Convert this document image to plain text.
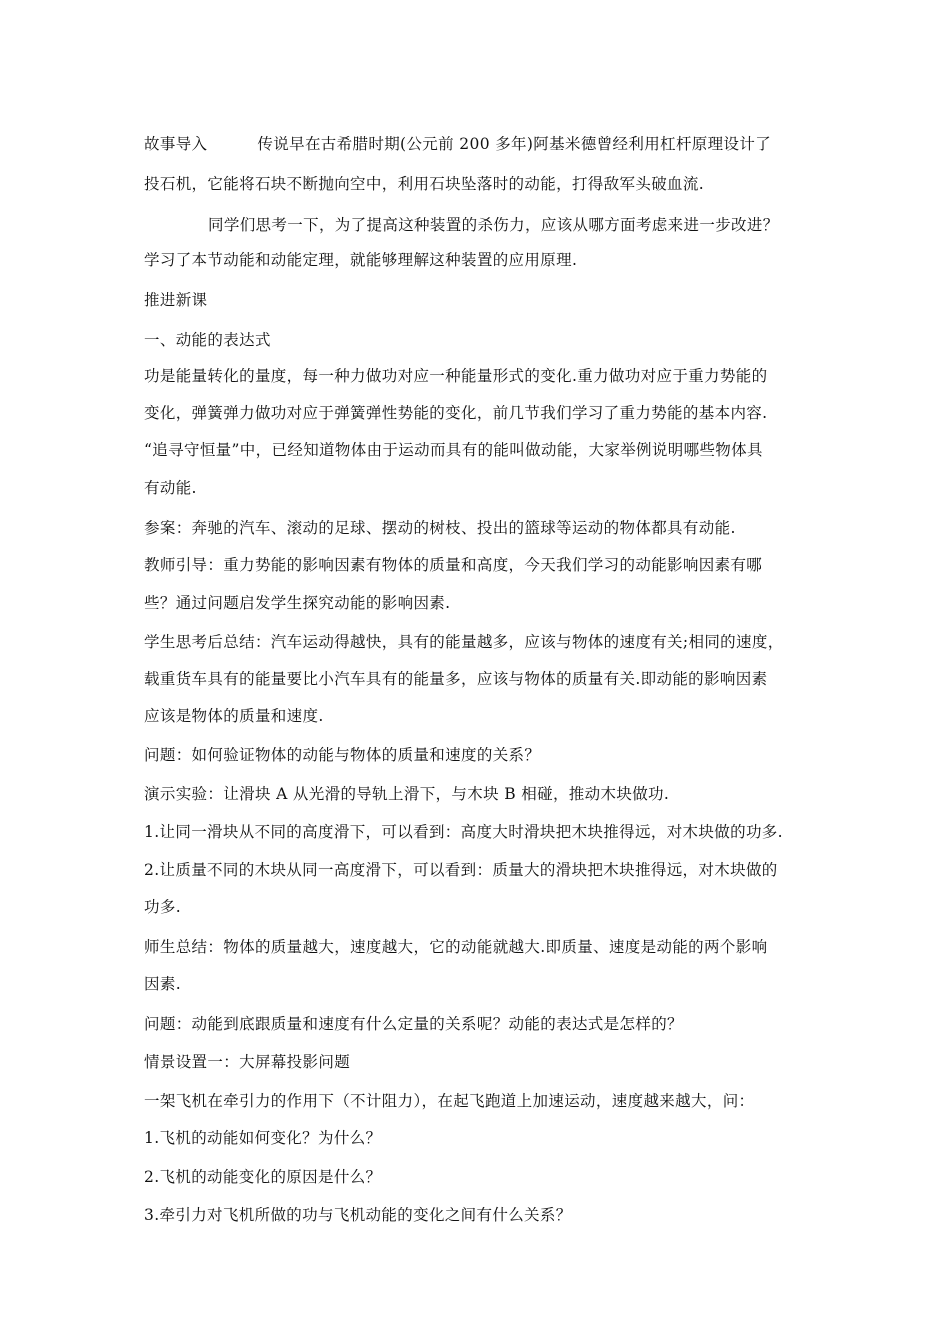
故事导入	传说早在古希腊时期(公元前 200 多年)阿基米德曾经利用杠杆原理设计了
投石机，它能将石块不断抛向空中，利用石块坠落时的动能，打得敌军头破血流.
同学们思考一下，为了提高这种装置的杀伤力，应该从哪方面考虑来进一步改进？
学习了本节动能和动能定理，就能够理解这种装置的应用原理.
推进新课
一、动能的表达式
功是能量转化的量度，每一种力做功对应一种能量形式的变化.重力做功对应于重力势能的
变化，弹簧弹力做功对应于弹簧弹性势能的变化，前几节我们学习了重力势能的基本内容.
“追寻守恒量”中，已经知道物体由于运动而具有的能叫做动能，大家举例说明哪些物体具
有动能.
参案：奔驰的汽车、滚动的足球、摆动的树枝、投出的篮球等运动的物体都具有动能.
教师引导：重力势能的影响因素有物体的质量和高度，今天我们学习的动能影响因素有哪
些？通过问题启发学生探究动能的影响因素.
学生思考后总结：汽车运动得越快，具有的能量越多，应该与物体的速度有关;相同的速度，
载重货车具有的能量要比小汽车具有的能量多，应该与物体的质量有关.即动能的影响因素
应该是物体的质量和速度.
问题：如何验证物体的动能与物体的质量和速度的关系？
演示实验：让滑块 A 从光滑的导轨上滑下，与木块 B 相碰，推动木块做功.
1.让同一滑块从不同的高度滑下，可以看到：高度大时滑块把木块推得远，对木块做的功多.
2.让质量不同的木块从同一高度滑下，可以看到：质量大的滑块把木块推得远，对木块做的
功多.
师生总结：物体的质量越大，速度越大，它的动能就越大.即质量、速度是动能的两个影响
因素.
问题：动能到底跟质量和速度有什么定量的关系呢？动能的表达式是怎样的？
情景设置一：大屏幕投影问题
一架飞机在牵引力的作用下（不计阻力），在起飞跑道上加速运动，速度越来越大，问：
1.飞机的动能如何变化？为什么？
2.飞机的动能变化的原因是什么？
3.牵引力对飞机所做的功与飞机动能的变化之间有什么关系？
